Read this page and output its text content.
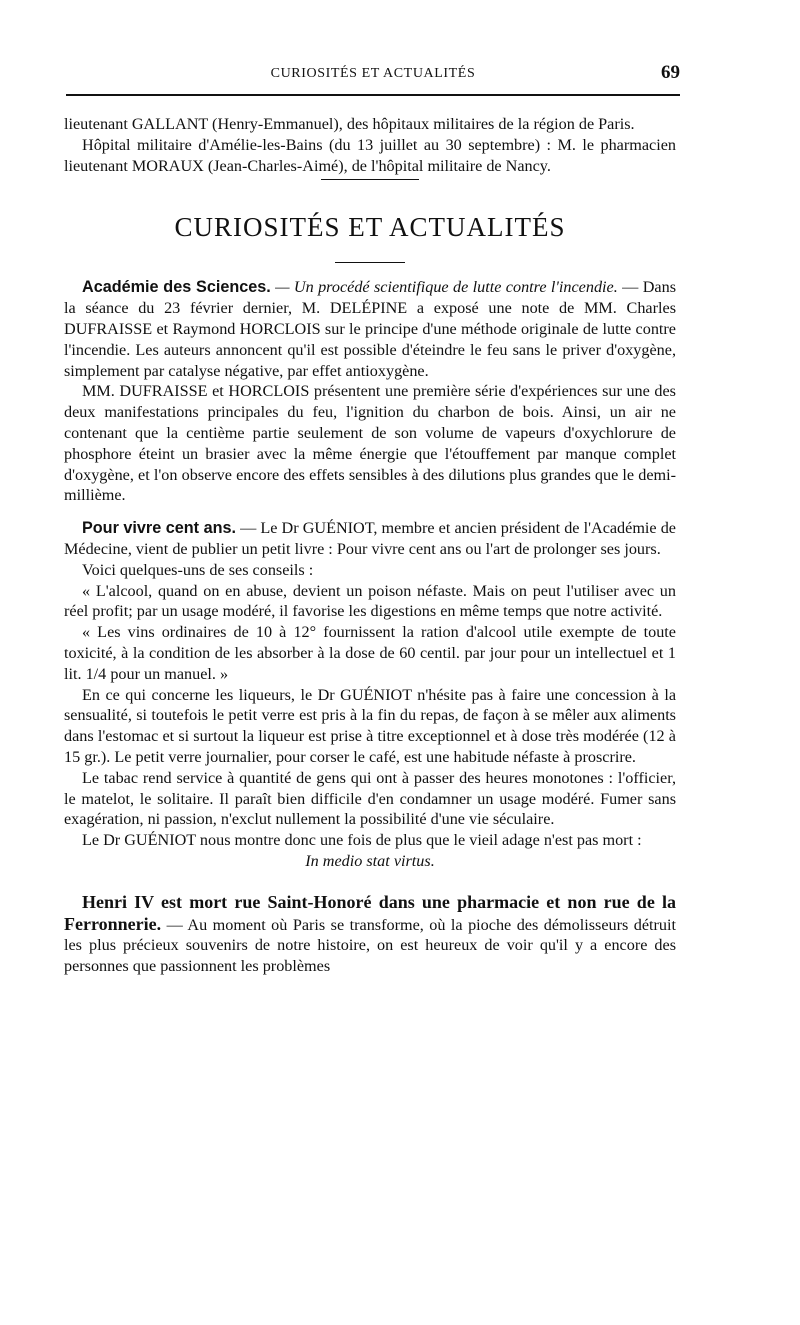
CURIOSITÉS ET ACTUALITÉS	69

lieutenant GALLANT (Henry-Emmanuel), des hôpitaux militaires de la région de Paris.

Hôpital militaire d'Amélie-les-Bains (du 13 juillet au 30 septembre) : M. le pharmacien lieutenant MORAUX (Jean-Charles-Aimé), de l'hôpital militaire de Nancy.

CURIOSITÉS ET ACTUALITÉS

Académie des Sciences. — Un procédé scientifique de lutte contre l'incendie. — Dans la séance du 23 février dernier, M. DELÉPINE a exposé une note de MM. Charles DUFRAISSE et Raymond HORCLOIS sur le principe d'une méthode originale de lutte contre l'incendie. Les auteurs annoncent qu'il est possible d'éteindre le feu sans le priver d'oxygène, simplement par catalyse négative, par effet antioxygène.

MM. DUFRAISSE et HORCLOIS présentent une première série d'expériences sur une des deux manifestations principales du feu, l'ignition du charbon de bois. Ainsi, un air ne contenant que la centième partie seulement de son volume de vapeurs d'oxychlorure de phosphore éteint un brasier avec la même énergie que l'étouffement par manque complet d'oxygène, et l'on observe encore des effets sensibles à des dilutions plus grandes que le demi-millième.

Pour vivre cent ans. — Le Dr GUÉNIOT, membre et ancien président de l'Académie de Médecine, vient de publier un petit livre : Pour vivre cent ans ou l'art de prolonger ses jours.

Voici quelques-uns de ses conseils :

« L'alcool, quand on en abuse, devient un poison néfaste. Mais on peut l'utiliser avec un réel profit; par un usage modéré, il favorise les digestions en même temps que notre activité.

« Les vins ordinaires de 10 à 12° fournissent la ration d'alcool utile exempte de toute toxicité, à la condition de les absorber à la dose de 60 centil. par jour pour un intellectuel et 1 lit. 1/4 pour un manuel. »

En ce qui concerne les liqueurs, le Dr GUÉNIOT n'hésite pas à faire une concession à la sensualité, si toutefois le petit verre est pris à la fin du repas, de façon à se mêler aux aliments dans l'estomac et si surtout la liqueur est prise à titre exceptionnel et à dose très modérée (12 à 15 gr.). Le petit verre journalier, pour corser le café, est une habitude néfaste à proscrire.

Le tabac rend service à quantité de gens qui ont à passer des heures monotones : l'officier, le matelot, le solitaire. Il paraît bien difficile d'en condamner un usage modéré. Fumer sans exagération, ni passion, n'exclut nullement la possibilité d'une vie séculaire.

Le Dr GUÉNIOT nous montre donc une fois de plus que le vieil adage n'est pas mort :

In medio stat virtus.

Henri IV est mort rue Saint-Honoré dans une pharmacie et non rue de la Ferronnerie. — Au moment où Paris se transforme, où la pioche des démolisseurs détruit les plus précieux souvenirs de notre histoire, on est heureux de voir qu'il y a encore des personnes que passionnent les problèmes
